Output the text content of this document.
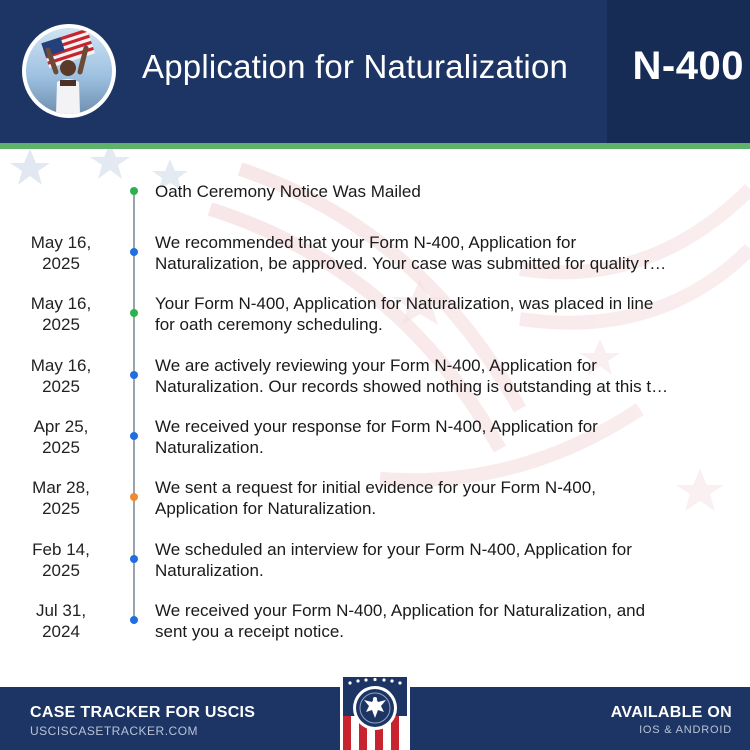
Application for Naturalization N-400
Oath Ceremony Notice Was Mailed
May 16,
2025
We recommended that your Form N-400, Application for
Naturalization, be approved. Your case was submitted for quality r…
May 16,
2025
Your Form N-400, Application for Naturalization, was placed in line
for oath ceremony scheduling.
May 16,
2025
We are actively reviewing your Form N-400, Application for
Naturalization. Our records showed nothing is outstanding at this t…
Apr 25,
2025
We received your response for Form N-400, Application for
Naturalization.
Mar 28,
2025
We sent a request for initial evidence for your Form N-400,
Application for Naturalization.
Feb 14,
2025
We scheduled an interview for your Form N-400, Application for
Naturalization.
Jul 31,
2024
We received your Form N-400, Application for Naturalization, and
sent you a receipt notice.
CASE TRACKER FOR USCIS
USCISCASETRACKER.COM
AVAILABLE ON
IOS & ANDROID
